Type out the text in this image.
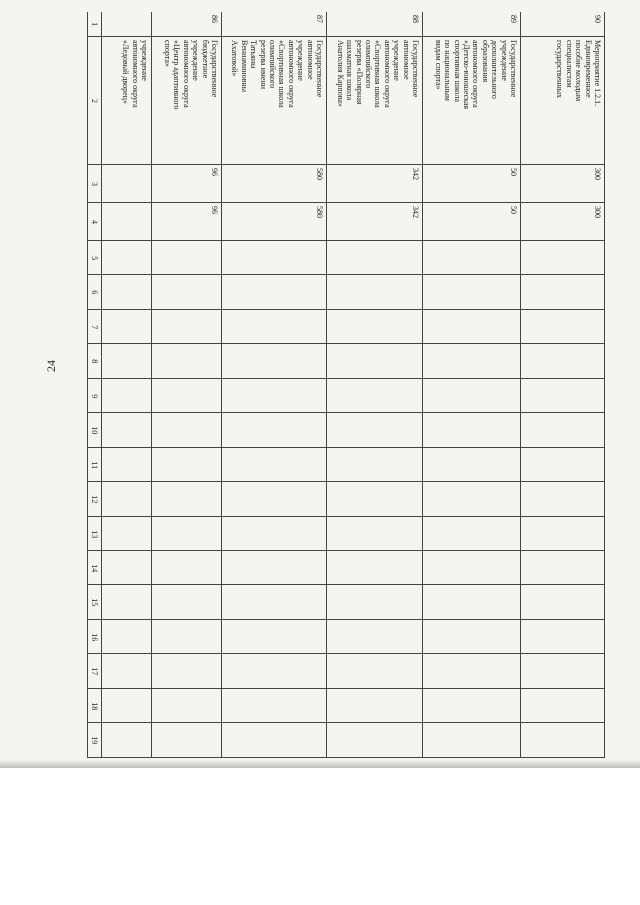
24
1
2
3
4
5
6
7
8
9
10
11
12
13
14
15
16
17
18
19
учреждение
автономного округа
«Ледовый дворец»
86
Государственное
бюджетное
учреждение
автономного округа
«Центр адаптивного
спорта»
96
96
87
Государственное
автономное
учреждение
автономного округа
«Спортивная школа
олимпийского
резерва имени
Татьяны
Вениаминовны
Ахатовой»
580
580
88
Государственное
автономное
учреждение
автономного округа
«Спортивная школа
олимпийского
резерва «Полярная
шахматная школа
Анатолия Карпова»
342
342
89
Государственное
учреждение
дополнительного
образования
автономного округа
«Детско-юношеская
спортивная школа
по национальным
видам спорта»
50
50
90
Мероприятие 1.2.1.
Единовременное
пособие молодым
специалистам
государственных
300
300
